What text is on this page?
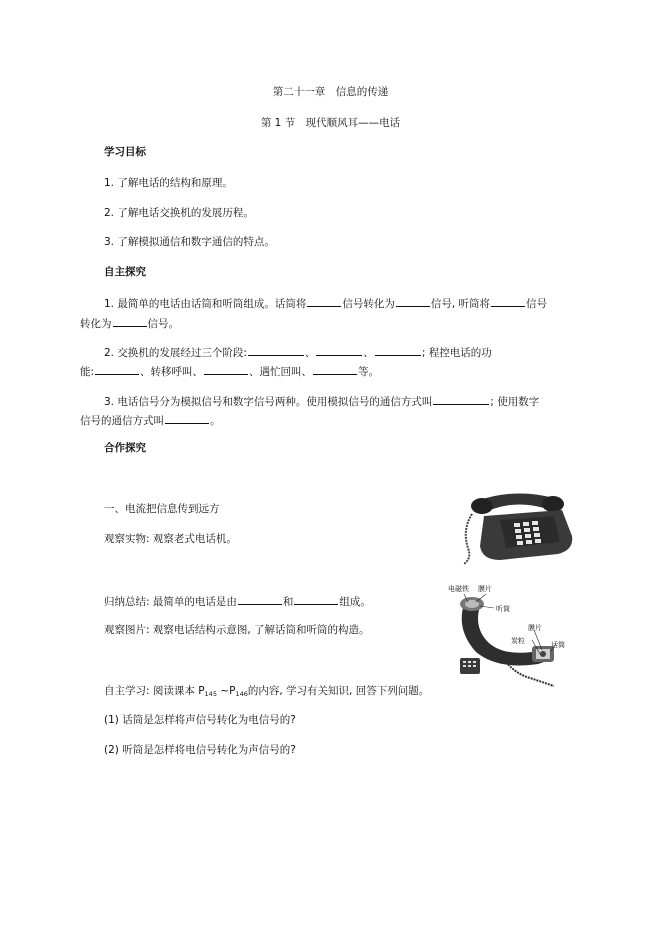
第二十一章　信息的传递
第 1 节　现代顺风耳——电话
学习目标
1. 了解电话的结构和原理。
2. 了解电话交换机的发展历程。
3. 了解模拟通信和数字通信的特点。
自主探究
1. 最简单的电话由话筒和听筒组成。话筒将	信号转化为	信号, 听筒将	信号
转化为	信号。
2. 交换机的发展经过三个阶段:	、	、	; 程控电话的功
能:	、转移呼叫、	、遇忙回叫、	等。
3. 电话信号分为模拟信号和数字信号两种。使用模拟信号的通信方式叫	; 使用数字
信号的通信方式叫	。
合作探究
一、电流把信息传到远方
观察实物: 观察老式电话机。
归纳总结: 最简单的电话是由	和	组成。
观察图片: 观察电话结构示意图, 了解话筒和听筒的构造。
自主学习: 阅读课本 $P_{145}$ $\sim P_{146}$的内容, 学习有关知识, 回答下列问题。
(1) 话筒是怎样将声信号转化为电信号的?
(2) 听筒是怎样将电信号转化为声信号的?
电磁铁 膜片
听筒
膜片
炭粒	话筒
